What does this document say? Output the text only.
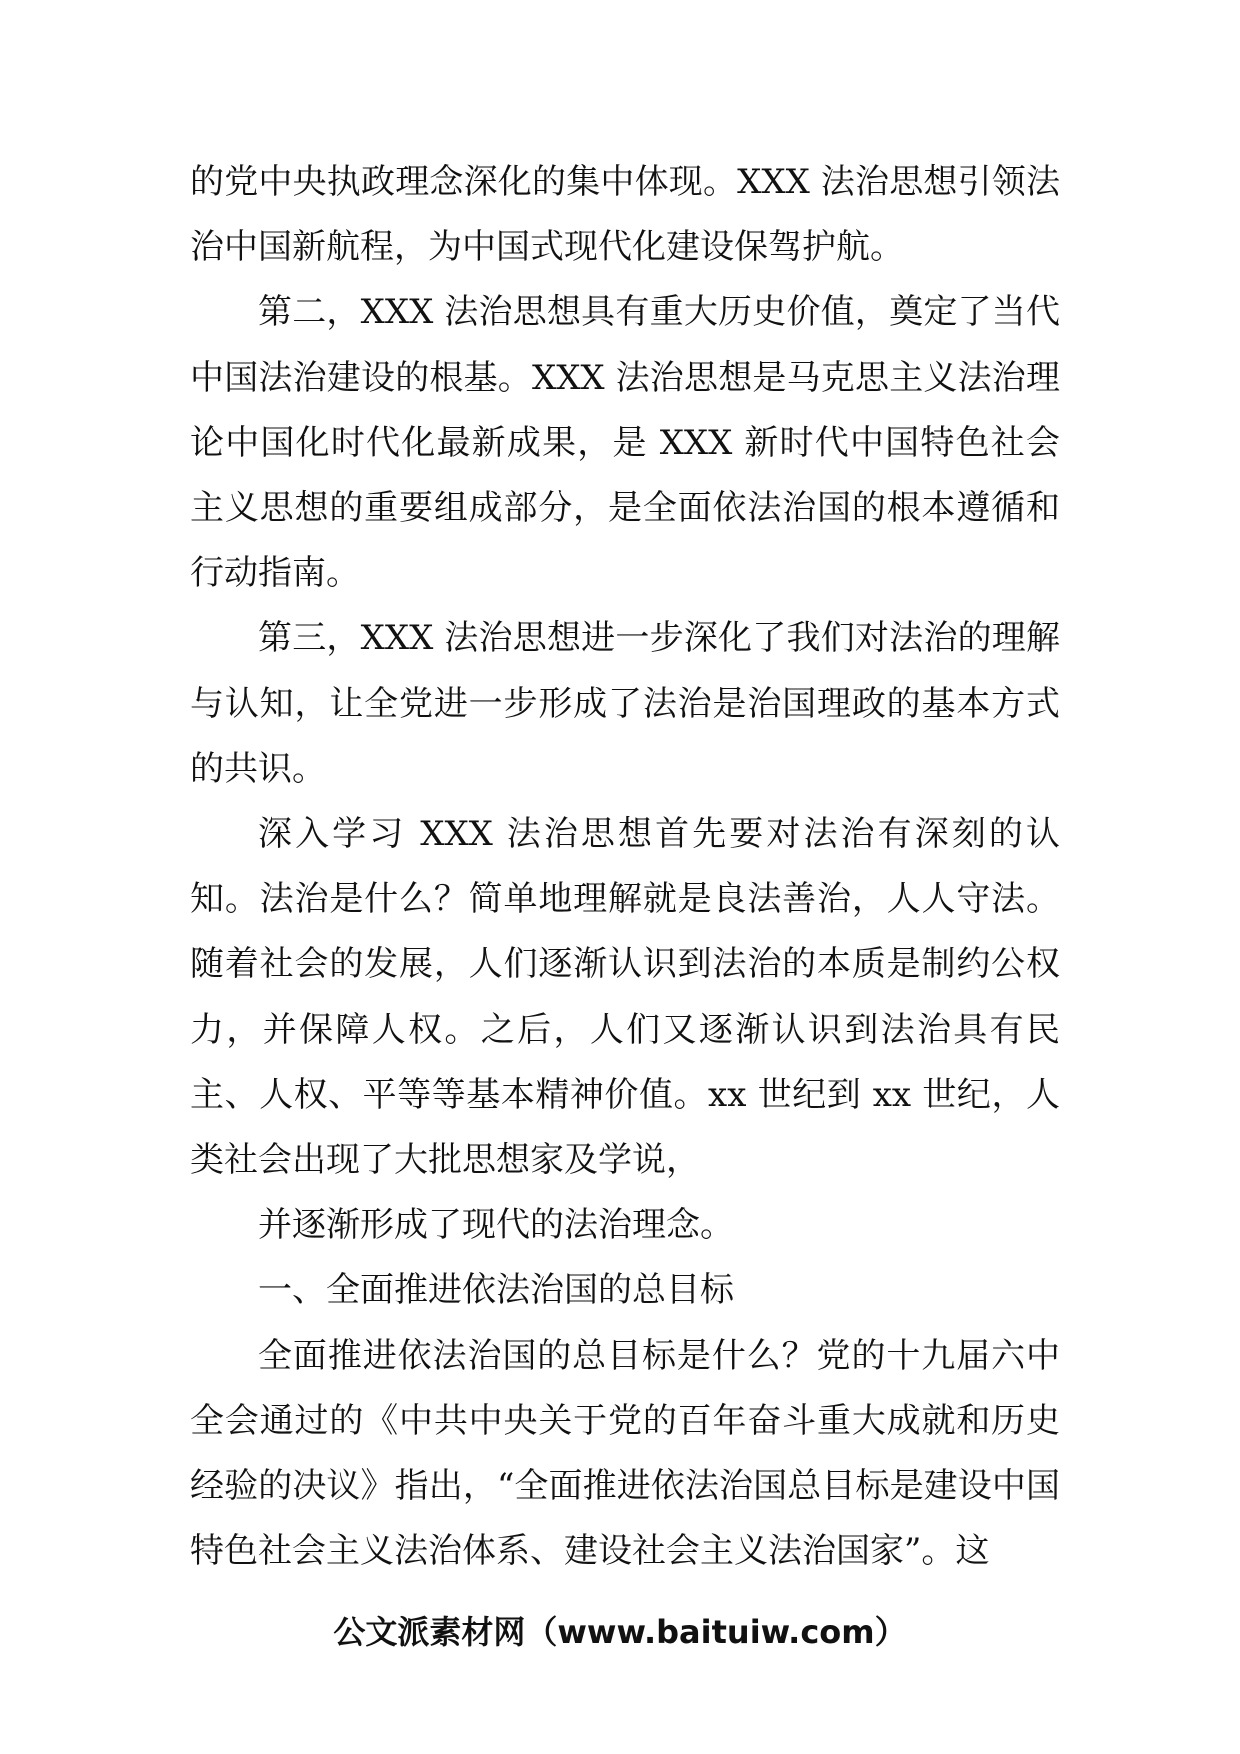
的党中央执政理念深化的集中体现。XXX 法治思想引领法治中国新航程，为中国式现代化建设保驾护航。

第二，XXX 法治思想具有重大历史价值，奠定了当代中国法治建设的根基。XXX 法治思想是马克思主义法治理论中国化时代化最新成果，是 XXX 新时代中国特色社会主义思想的重要组成部分，是全面依法治国的根本遵循和行动指南。

第三，XXX 法治思想进一步深化了我们对法治的理解与认知，让全党进一步形成了法治是治国理政的基本方式的共识。

深入学习 XXX 法治思想首先要对法治有深刻的认知。法治是什么？简单地理解就是良法善治，人人守法。随着社会的发展，人们逐渐认识到法治的本质是制约公权力，并保障人权。之后，人们又逐渐认识到法治具有民主、人权、平等等基本精神价值。xx 世纪到 xx 世纪，人类社会出现了大批思想家及学说，

并逐渐形成了现代的法治理念。

一、全面推进依法治国的总目标

全面推进依法治国的总目标是什么？党的十九届六中全会通过的《中共中央关于党的百年奋斗重大成就和历史经验的决议》指出，“全面推进依法治国总目标是建设中国特色社会主义法治体系、建设社会主义法治国家”。这

公文派素材网（www.baituiw.com）
